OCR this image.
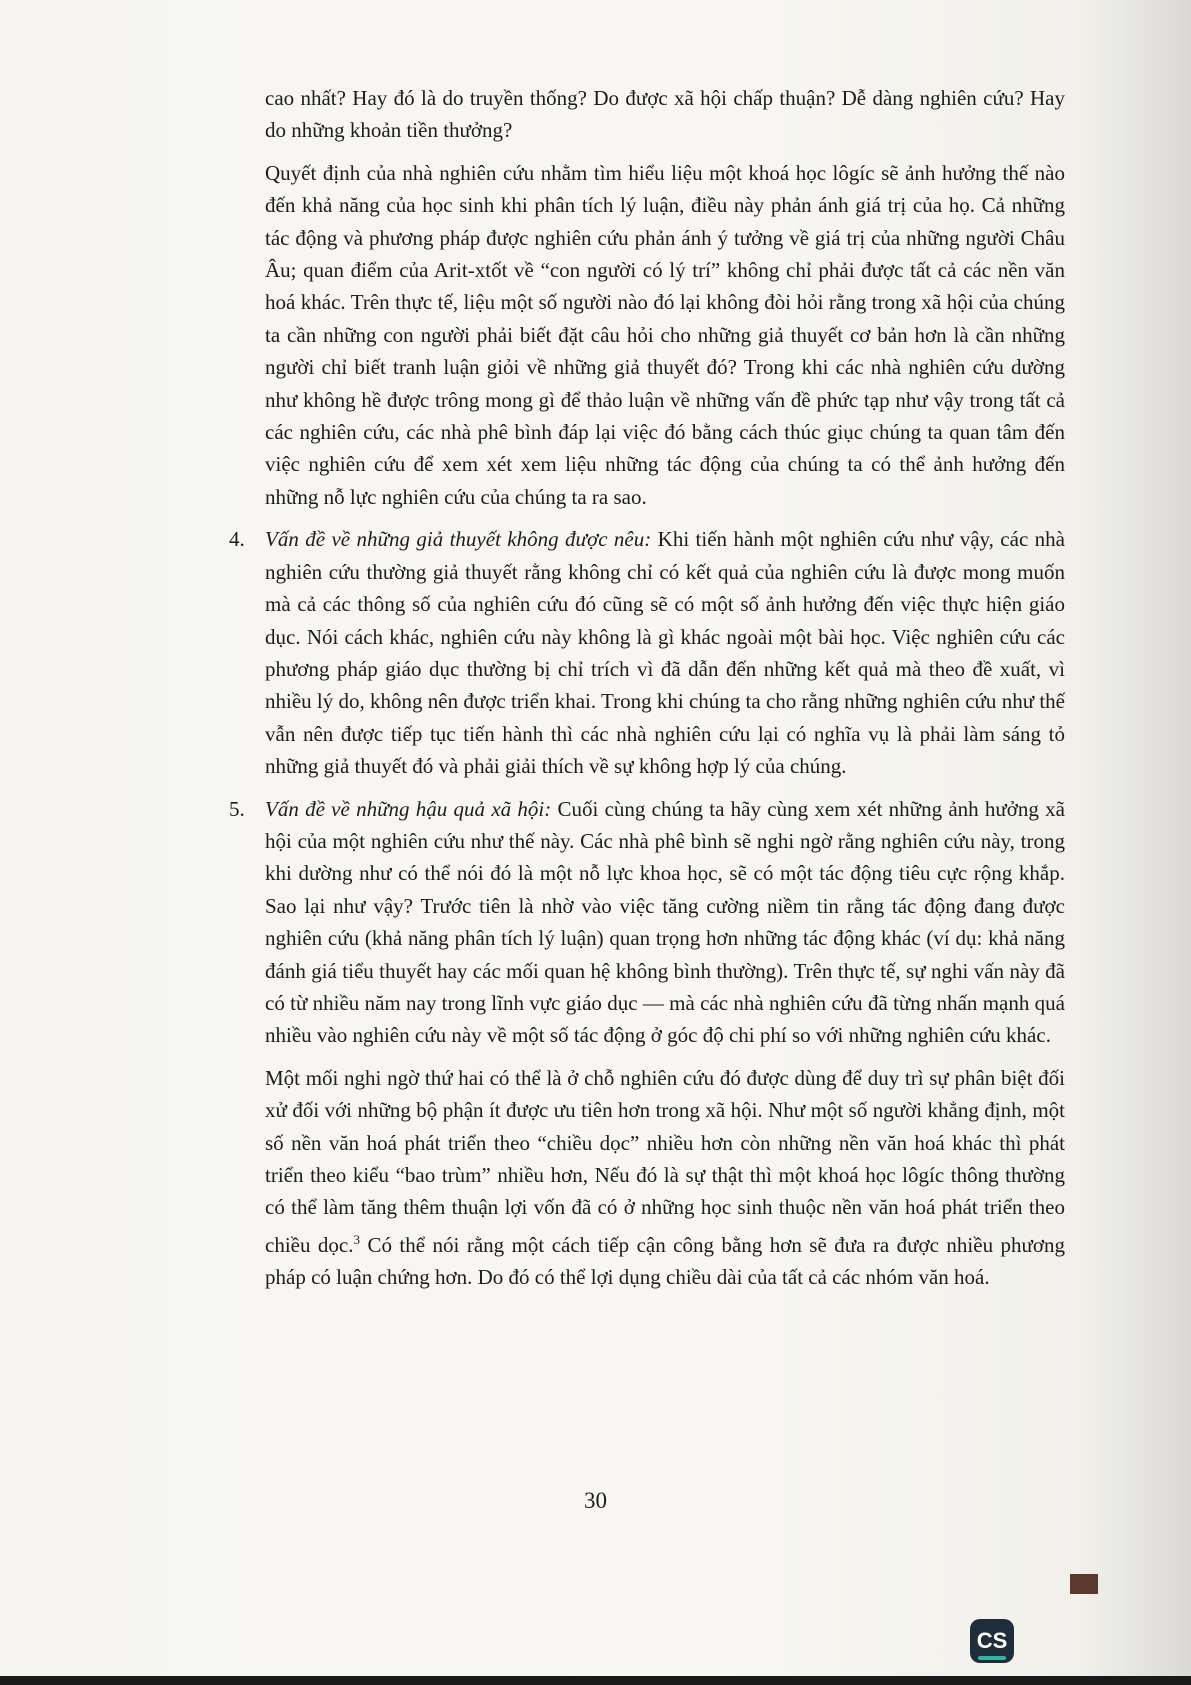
cao nhất? Hay đó là do truyền thống? Do được xã hội chấp thuận? Dễ dàng nghiên cứu? Hay do những khoản tiền thưởng?

Quyết định của nhà nghiên cứu nhằm tìm hiểu liệu một khoá học lôgíc sẽ ảnh hưởng thế nào đến khả năng của học sinh khi phân tích lý luận, điều này phản ánh giá trị của họ. Cả những tác động và phương pháp được nghiên cứu phản ánh ý tưởng về giá trị của những người Châu Âu; quan điểm của Arit-xtốt về “con người có lý trí” không chỉ phải được tất cả các nền văn hoá khác. Trên thực tế, liệu một số người nào đó lại không đòi hỏi rằng trong xã hội của chúng ta cần những con người phải biết đặt câu hỏi cho những giả thuyết cơ bản hơn là cần những người chỉ biết tranh luận giỏi về những giả thuyết đó? Trong khi các nhà nghiên cứu dường như không hề được trông mong gì để thảo luận về những vấn đề phức tạp như vậy trong tất cả các nghiên cứu, các nhà phê bình đáp lại việc đó bằng cách thúc giục chúng ta quan tâm đến việc nghiên cứu để xem xét xem liệu những tác động của chúng ta có thể ảnh hưởng đến những nỗ lực nghiên cứu của chúng ta ra sao.

4. Vấn đề về những giả thuyết không được nêu: Khi tiến hành một nghiên cứu như vậy, các nhà nghiên cứu thường giả thuyết rằng không chỉ có kết quả của nghiên cứu là được mong muốn mà cả các thông số của nghiên cứu đó cũng sẽ có một số ảnh hưởng đến việc thực hiện giáo dục. Nói cách khác, nghiên cứu này không là gì khác ngoài một bài học. Việc nghiên cứu các phương pháp giáo dục thường bị chỉ trích vì đã dẫn đến những kết quả mà theo đề xuất, vì nhiều lý do, không nên được triển khai. Trong khi chúng ta cho rằng những nghiên cứu như thế vẫn nên được tiếp tục tiến hành thì các nhà nghiên cứu lại có nghĩa vụ là phải làm sáng tỏ những giả thuyết đó và phải giải thích về sự không hợp lý của chúng.
5. Vấn đề về những hậu quả xã hội: Cuối cùng chúng ta hãy cùng xem xét những ảnh hưởng xã hội của một nghiên cứu như thế này. Các nhà phê bình sẽ nghi ngờ rằng nghiên cứu này, trong khi dường như có thể nói đó là một nỗ lực khoa học, sẽ có một tác động tiêu cực rộng khắp. Sao lại như vậy? Trước tiên là nhờ vào việc tăng cường niềm tin rằng tác động đang được nghiên cứu (khả năng phân tích lý luận) quan trọng hơn những tác động khác (ví dụ: khả năng đánh giá tiểu thuyết hay các mối quan hệ không bình thường). Trên thực tế, sự nghi vấn này đã có từ nhiều năm nay trong lĩnh vực giáo dục — mà các nhà nghiên cứu đã từng nhấn mạnh quá nhiều vào nghiên cứu này về một số tác động ở góc độ chi phí so với những nghiên cứu khác.

Một mối nghi ngờ thứ hai có thể là ở chỗ nghiên cứu đó được dùng để duy trì sự phân biệt đối xử đối với những bộ phận ít được ưu tiên hơn trong xã hội. Như một số người khẳng định, một số nền văn hoá phát triển theo “chiều dọc” nhiều hơn còn những nền văn hoá khác thì phát triển theo kiểu “bao trùm” nhiều hơn, Nếu đó là sự thật thì một khoá học lôgíc thông thường có thể làm tăng thêm thuận lợi vốn đã có ở những học sinh thuộc nền văn hoá phát triển theo chiều dọc.$^3$ Có thể nói rằng một cách tiếp cận công bằng hơn sẽ đưa ra được nhiều phương pháp có luận chứng hơn. Do đó có thể lợi dụng chiều dài của tất cả các nhóm văn hoá.

30
CS
